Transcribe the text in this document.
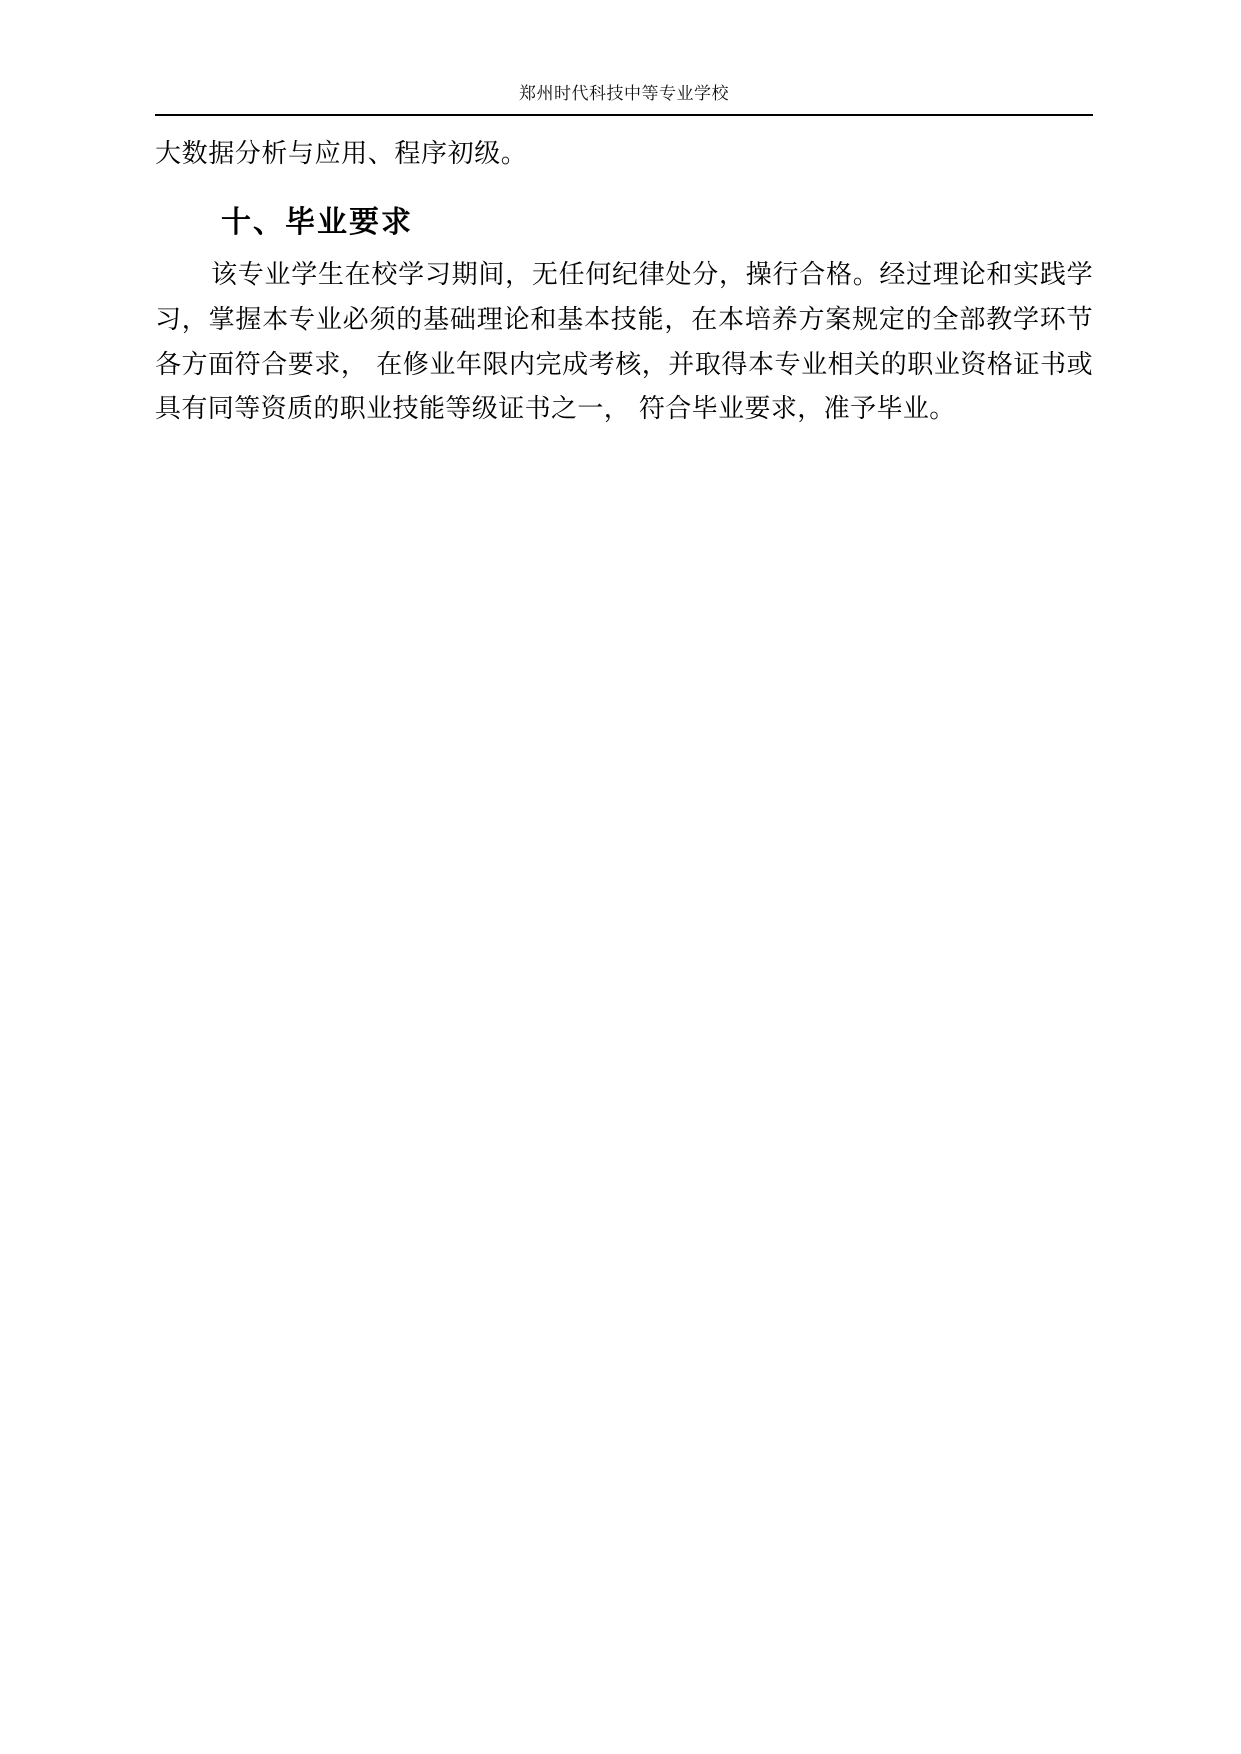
郑州时代科技中等专业学校

大数据分析与应用、程序初级。

十、毕业要求

该专业学生在校学习期间，无任何纪律处分，操行合格。经过理论和实践学习，掌握本专业必须的基础理论和基本技能，在本培养方案规定的全部教学环节各方面符合要求， 在修业年限内完成考核，并取得本专业相关的职业资格证书或具有同等资质的职业技能等级证书之一， 符合毕业要求，准予毕业。
